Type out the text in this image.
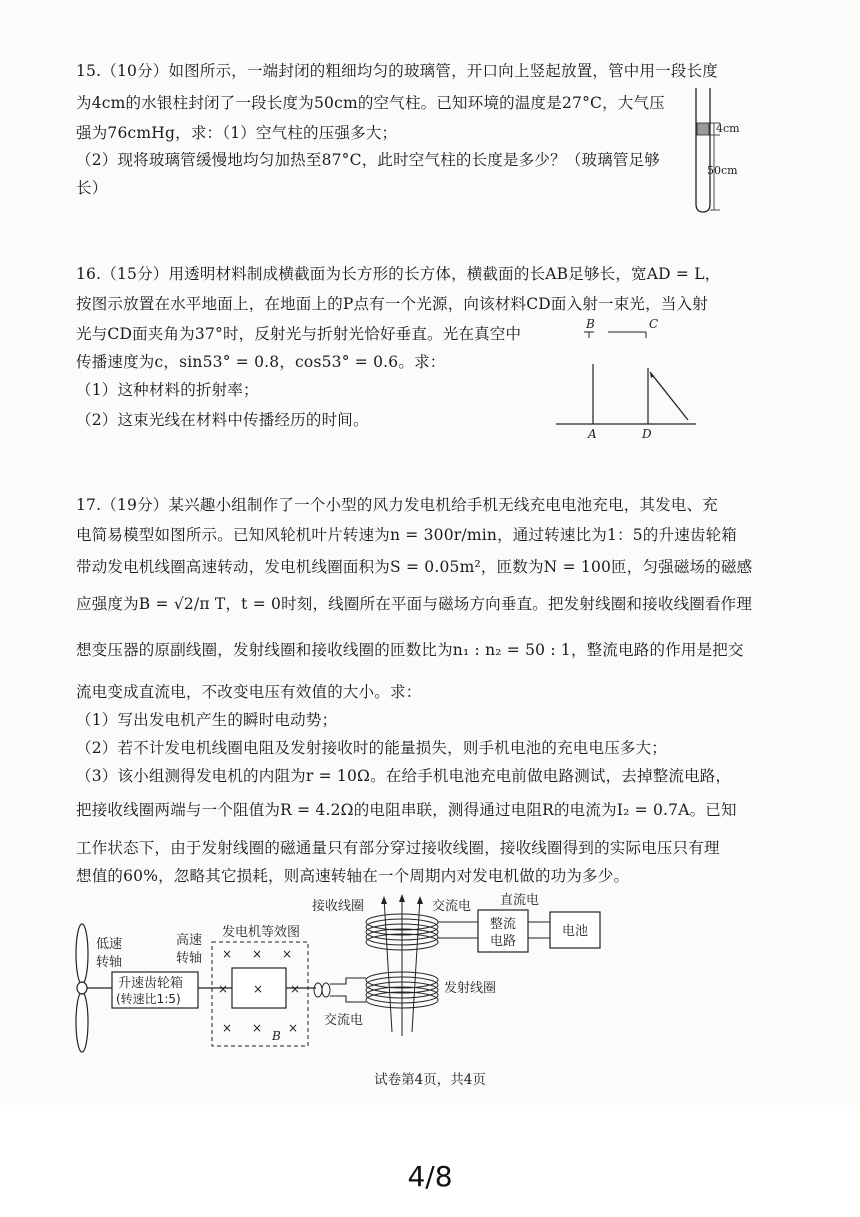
15.（10分）如图所示，一端封闭的粗细均匀的玻璃管，开口向上竖起放置，管中用一段长度
为4cm的水银柱封闭了一段长度为50cm的空气柱。已知环境的温度是27°C，大气压
强为76cmHg，求：（1）空气柱的压强多大；
（2）现将玻璃管缓慢地均匀加热至87°C，此时空气柱的长度是多少？（玻璃管足够
长）
4cm
50cm
16.（15分）用透明材料制成横截面为长方形的长方体，横截面的长AB足够长，宽AD = L，
按图示放置在水平地面上，在地面上的P点有一个光源，向该材料CD面入射一束光，当入射
光与CD面夹角为37°时，反射光与折射光恰好垂直。光在真空中
传播速度为c，sin53° = 0.8，cos53° = 0.6。求：
（1）这种材料的折射率；
（2）这束光线在材料中传播经历的时间。
B	C
A	D
17.（19分）某兴趣小组制作了一个小型的风力发电机给手机无线充电电池充电，其发电、充
电简易模型如图所示。已知风轮机叶片转速为n = 300r/min，通过转速比为1：5的升速齿轮箱
带动发电机线圈高速转动，发电机线圈面积为S = 0.05m²，匝数为N = 100匝，匀强磁场的磁感
应强度为B = √2/π T，t = 0时刻，线圈所在平面与磁场方向垂直。把发射线圈和接收线圈看作理
想变压器的原副线圈，发射线圈和接收线圈的匝数比为n₁ : n₂ = 50 : 1，整流电路的作用是把交
流电变成直流电，不改变电压有效值的大小。求：
（1）写出发电机产生的瞬时电动势；
（2）若不计发电机线圈电阻及发射接收时的能量损失，则手机电池的充电电压多大；
（3）该小组测得发电机的内阻为r = 10Ω。在给手机电池充电前做电路测试，去掉整流电路，
把接收线圈两端与一个阻值为R = 4.2Ω的电阻串联，测得通过电阻R的电流为I₂ = 0.7A。已知
工作状态下，由于发射线圈的磁通量只有部分穿过接收线圈，接收线圈得到的实际电压只有理
想值的60%，忽略其它损耗，则高速转轴在一个周期内对发电机做的功为多少。
低速
转轴
升速齿轮箱
(转速比1:5)
高速
转轴
发电机等效图
× × ×
× × ×
× × ×
B
交流电
发射线圈
接收线圈	交流电
整流
电路
直流电
电池
试卷第4页，共4页
4/8
